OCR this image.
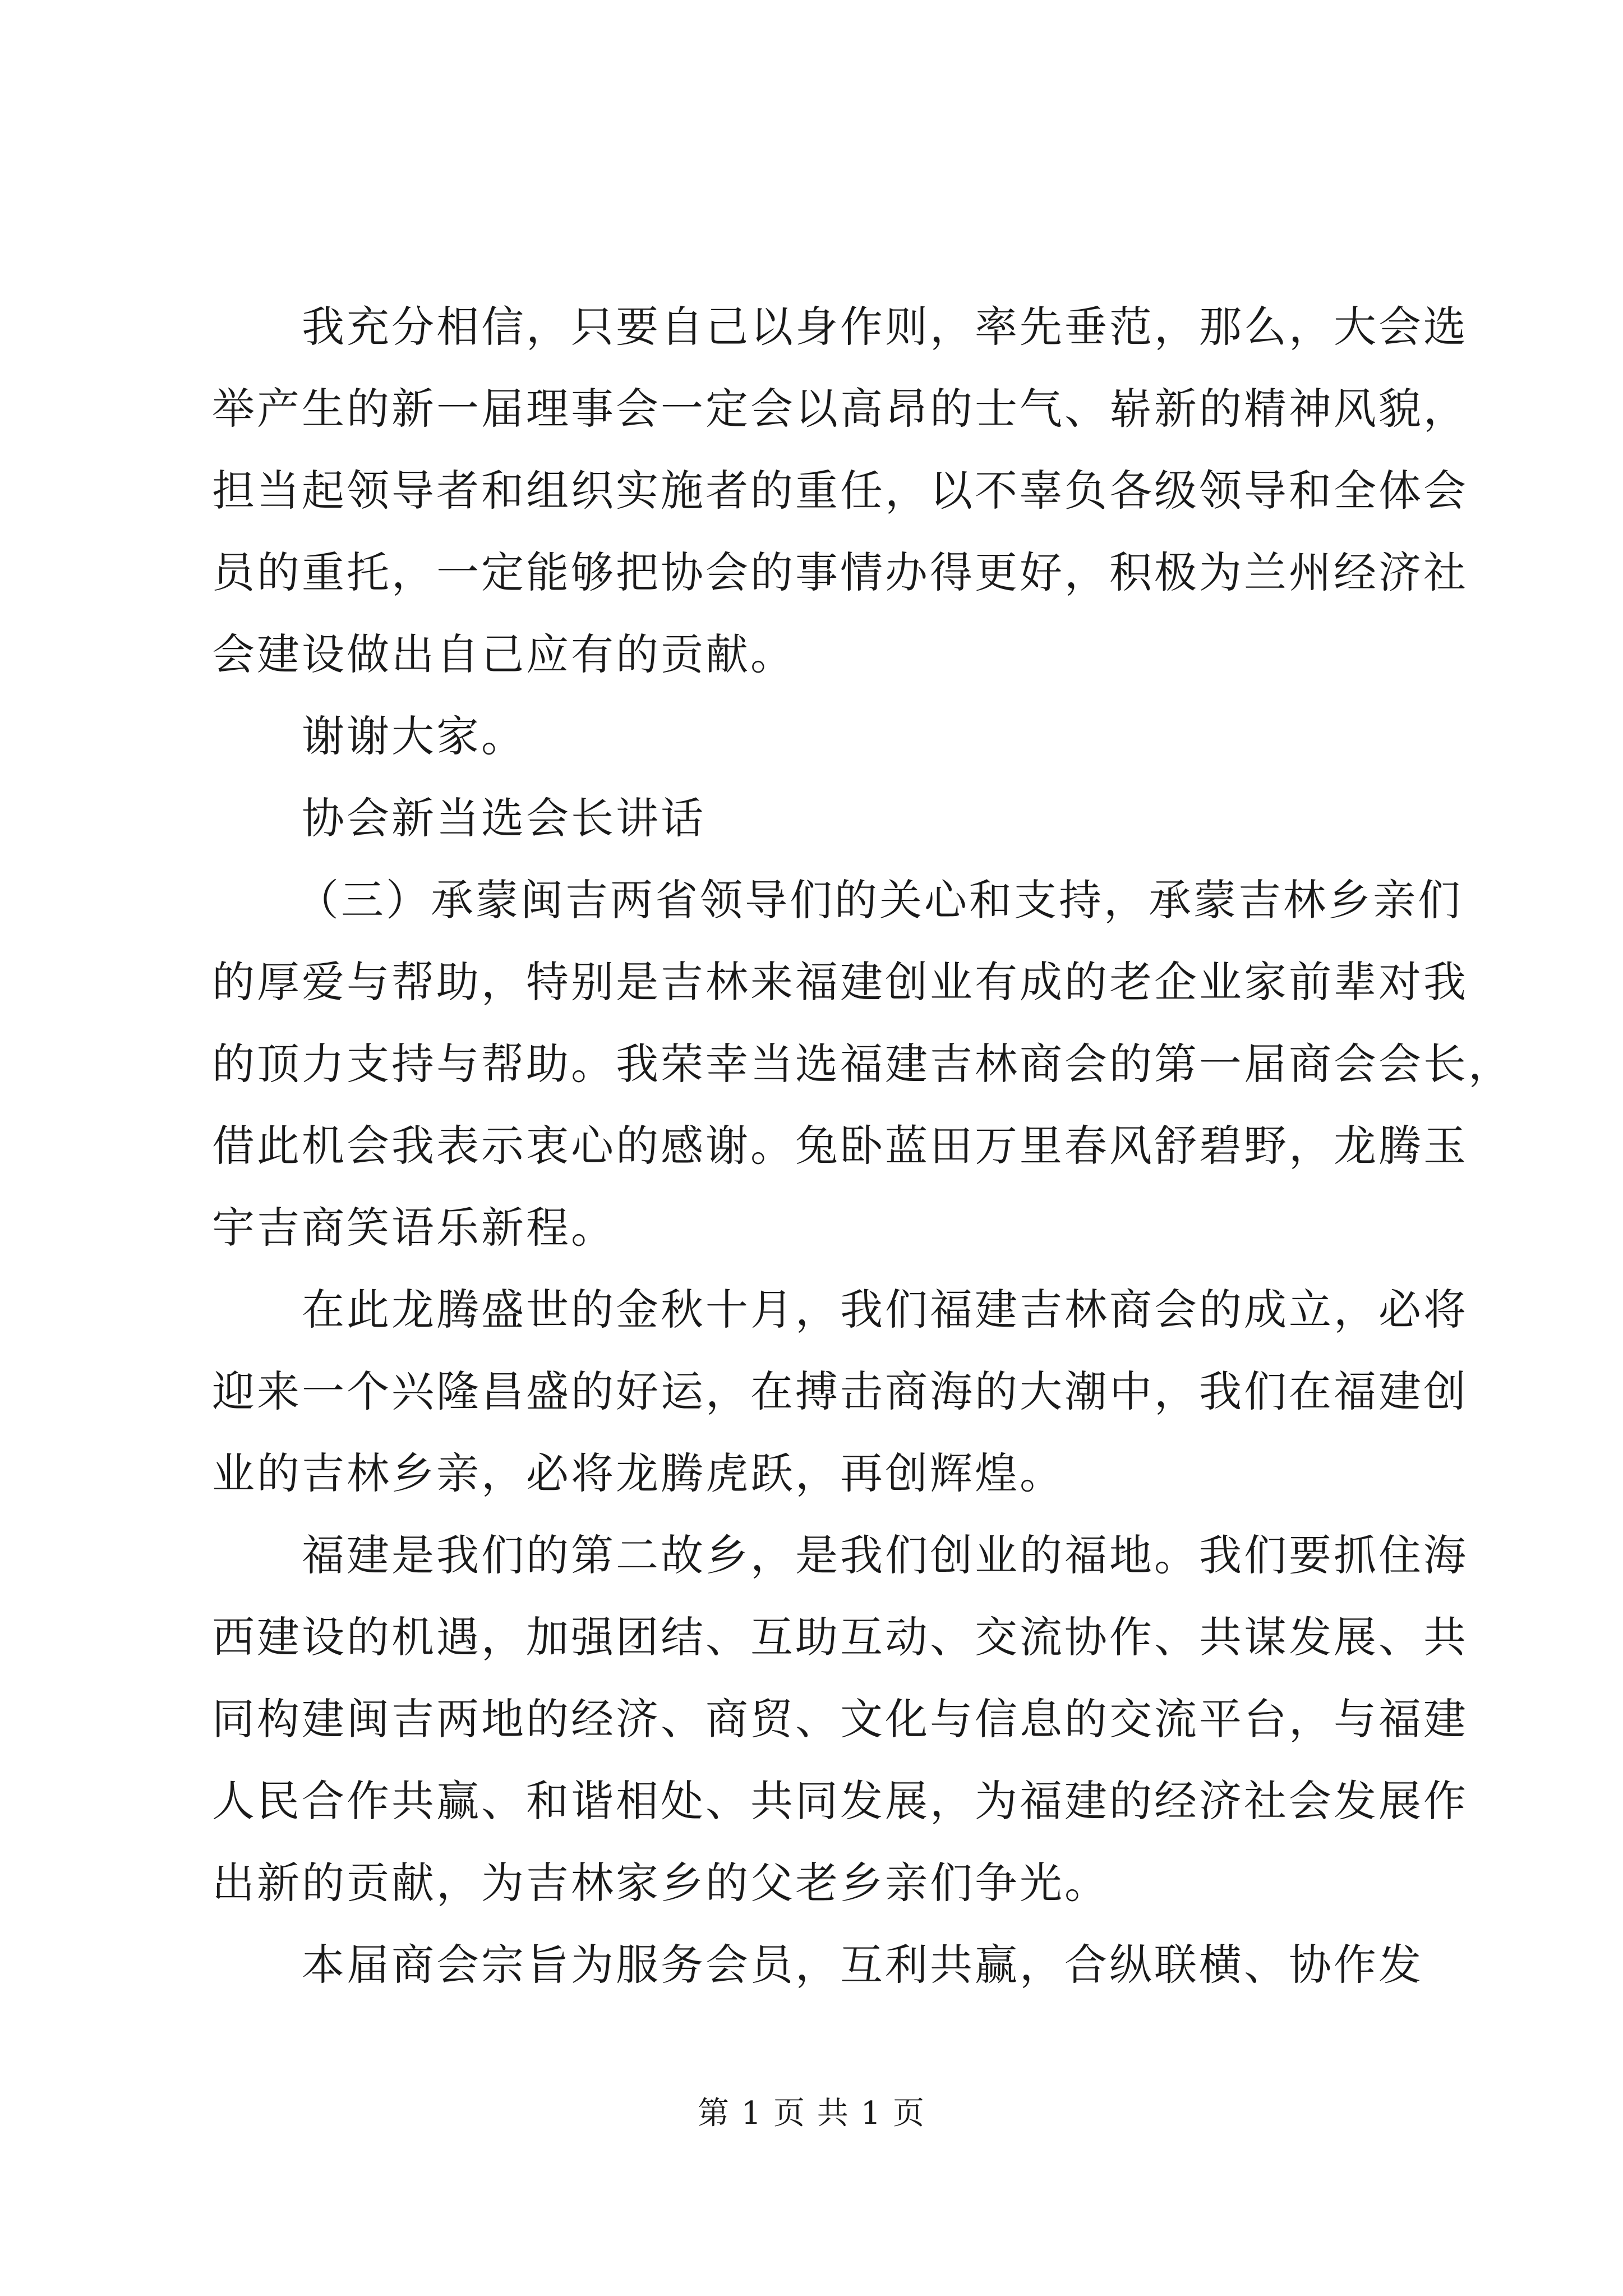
我充分相信，只要自己以身作则，率先垂范，那么，大会选
举产生的新一届理事会一定会以高昂的士气、崭新的精神风貌，
担当起领导者和组织实施者的重任，以不辜负各级领导和全体会
员的重托，一定能够把协会的事情办得更好，积极为兰州经济社
会建设做出自己应有的贡献。
谢谢大家。
协会新当选会长讲话
（三）承蒙闽吉两省领导们的关心和支持，承蒙吉林乡亲们
的厚爱与帮助，特别是吉林来福建创业有成的老企业家前辈对我
的顶力支持与帮助。我荣幸当选福建吉林商会的第一届商会会长，
借此机会我表示衷心的感谢。兔卧蓝田万里春风舒碧野，龙腾玉
宇吉商笑语乐新程。
在此龙腾盛世的金秋十月，我们福建吉林商会的成立，必将
迎来一个兴隆昌盛的好运，在搏击商海的大潮中，我们在福建创
业的吉林乡亲，必将龙腾虎跃，再创辉煌。
福建是我们的第二故乡，是我们创业的福地。我们要抓住海
西建设的机遇，加强团结、互助互动、交流协作、共谋发展、共
同构建闽吉两地的经济、商贸、文化与信息的交流平台，与福建
人民合作共赢、和谐相处、共同发展，为福建的经济社会发展作
出新的贡献，为吉林家乡的父老乡亲们争光。
本届商会宗旨为服务会员，互利共赢，合纵联横、协作发
第 1 页 共 1 页
